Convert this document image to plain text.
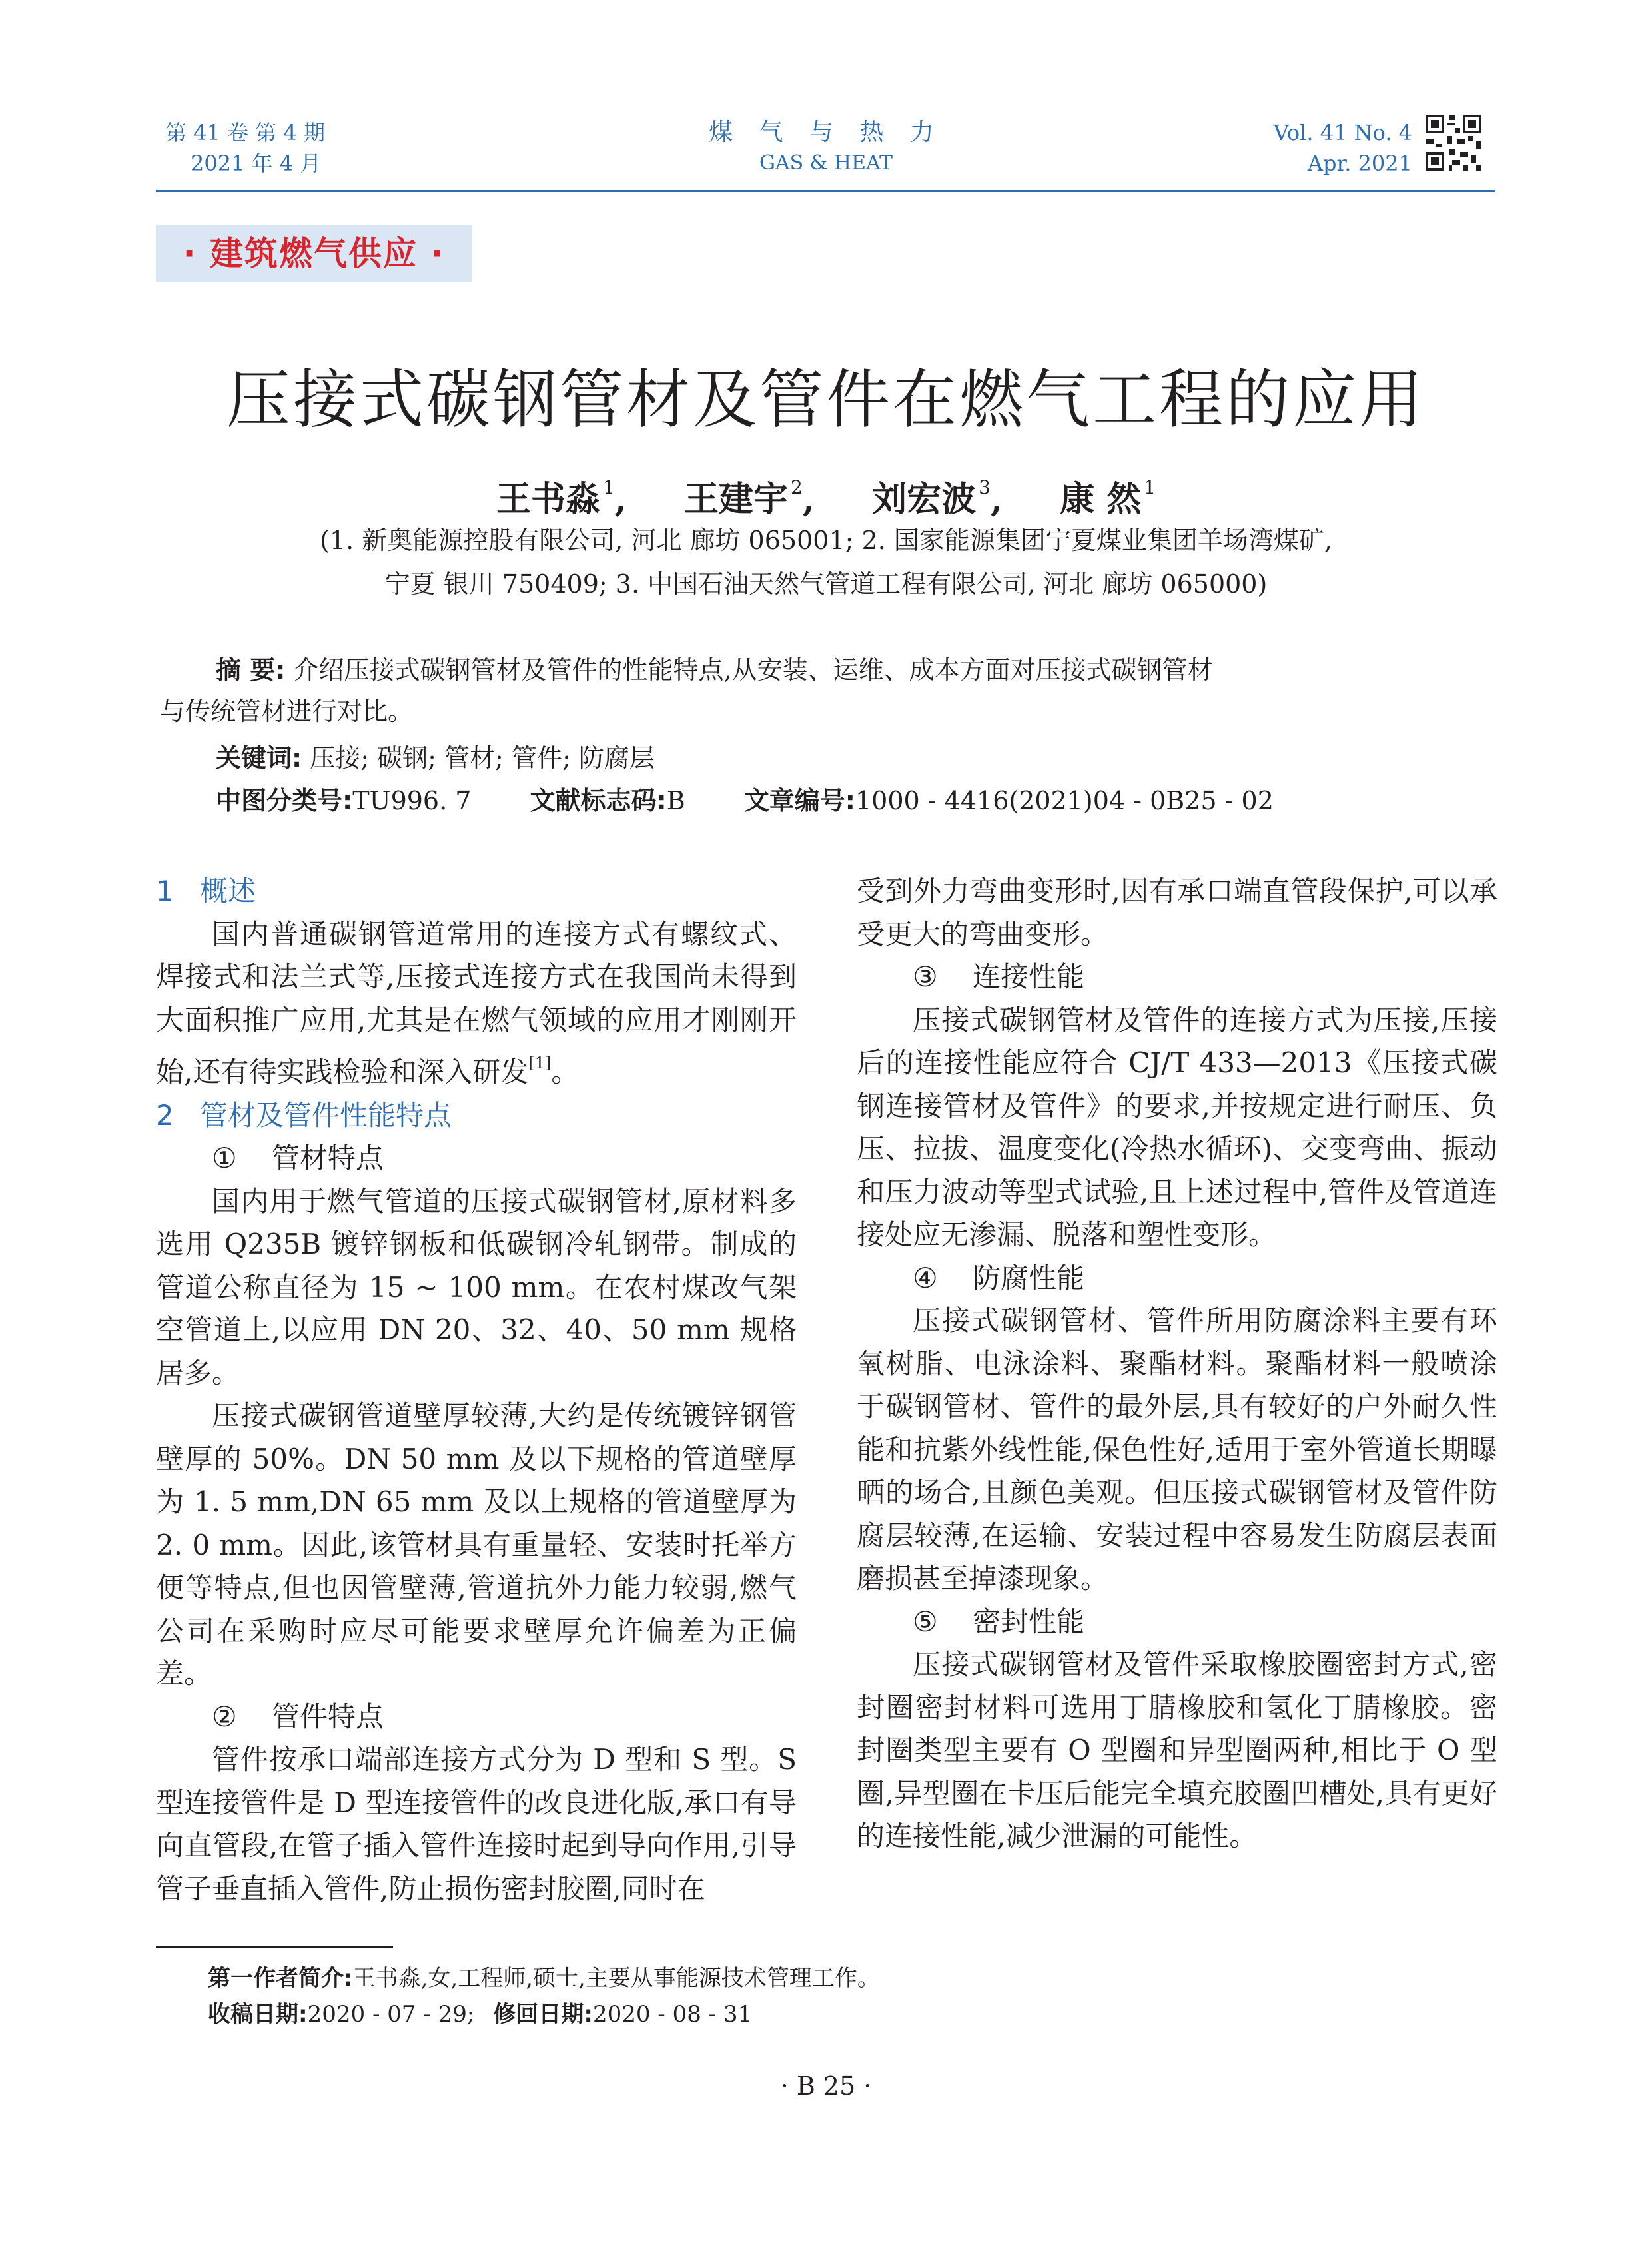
第 41 卷 第 4 期
2021 年 4 月
煤 气 与 热 力
GAS & HEAT
Vol. 41 No. 4
Apr. 2021
· 建筑燃气供应 ·
压接式碳钢管材及管件在燃气工程的应用
王书淼 $^1$, 王建宇 $^2$, 刘宏波 $^3$, 康 然 $^1$
(1. 新奥能源控股有限公司, 河北 廊坊 065001; 2. 国家能源集团宁夏煤业集团羊场湾煤矿,
宁夏 银川 750409; 3. 中国石油天然气管道工程有限公司, 河北 廊坊 065000)
摘 要: 介绍压接式碳钢管材及管件的性能特点,从安装、运维、成本方面对压接式碳钢管材
与传统管材进行对比。
关键词: 压接; 碳钢; 管材; 管件; 防腐层
中图分类号:TU996. 7 文献标志码:B 文章编号:1000 - 4416(2021)04 - 0B25 - 02

1 概述

国内普通碳钢管道常用的连接方式有螺纹式、焊接式和法兰式等,压接式连接方式在我国尚未得到大面积推广应用,尤其是在燃气领域的应用才刚刚开始,还有待实践检验和深入研发[1]。

2 管材及管件性能特点

① 管材特点

国内用于燃气管道的压接式碳钢管材,原材料多选用 Q235B 镀锌钢板和低碳钢冷轧钢带。制成的管道公称直径为 15 ~ 100 mm。在农村煤改气架空管道上,以应用 DN 20、32、40、50 mm 规格居多。

压接式碳钢管道壁厚较薄,大约是传统镀锌钢管壁厚的 50%。DN 50 mm 及以下规格的管道壁厚为 1. 5 mm,DN 65 mm 及以上规格的管道壁厚为 2. 0 mm。因此,该管材具有重量轻、安装时托举方便等特点,但也因管壁薄,管道抗外力能力较弱,燃气公司在采购时应尽可能要求壁厚允许偏差为正偏差。

② 管件特点

管件按承口端部连接方式分为 D 型和 S 型。S 型连接管件是 D 型连接管件的改良进化版,承口有导向直管段,在管子插入管件连接时起到导向作用,引导管子垂直插入管件,防止损伤密封胶圈,同时在

受到外力弯曲变形时,因有承口端直管段保护,可以承受更大的弯曲变形。

③ 连接性能

压接式碳钢管材及管件的连接方式为压接,压接后的连接性能应符合 CJ/T 433—2013《压接式碳钢连接管材及管件》的要求,并按规定进行耐压、负压、拉拔、温度变化(冷热水循环)、交变弯曲、振动和压力波动等型式试验,且上述过程中,管件及管道连接处应无渗漏、脱落和塑性变形。

④ 防腐性能

压接式碳钢管材、管件所用防腐涂料主要有环氧树脂、电泳涂料、聚酯材料。聚酯材料一般喷涂于碳钢管材、管件的最外层,具有较好的户外耐久性能和抗紫外线性能,保色性好,适用于室外管道长期曝晒的场合,且颜色美观。但压接式碳钢管材及管件防腐层较薄,在运输、安装过程中容易发生防腐层表面磨损甚至掉漆现象。

⑤ 密封性能

压接式碳钢管材及管件采取橡胶圈密封方式,密封圈密封材料可选用丁腈橡胶和氢化丁腈橡胶。密封圈类型主要有 O 型圈和异型圈两种,相比于 O 型圈,异型圈在卡压后能完全填充胶圈凹槽处,具有更好的连接性能,减少泄漏的可能性。

第一作者简介:王书淼,女,工程师,硕士,主要从事能源技术管理工作。
收稿日期:2020 - 07 - 29; 修回日期:2020 - 08 - 31
· B 25 ·
